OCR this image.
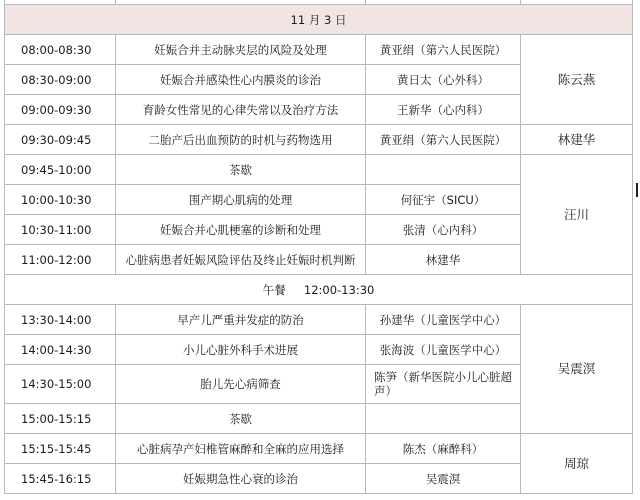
11 月 3 日			
08:00-08:30	妊娠合并主动脉夹层的风险及处理	黄亚绢（第六人民医院）	陈云燕
08:30-09:00	妊娠合并感染性心内膜炎的诊治	黄日太（心外科）	
09:00-09:30	育龄女性常见的心律失常以及治疗方法	王新华（心内科）	
09:30-09:45	二胎产后出血预防的时机与药物选用	黄亚绢（第六人民医院）	林建华
09:45-10:00	茶歇		汪川
10:00-10:30	围产期心肌病的处理	何征宇（SICU）	
10:30-11:00	妊娠合并心肌梗塞的诊断和处理	张清（心内科）	
11:00-12:00	心脏病患者妊娠风险评估及终止妊娠时机判断	林建华	
午餐 12:00-13:30			
13:30-14:00	早产儿严重并发症的防治	孙建华（儿童医学中心）	吴震溟
14:00-14:30	小儿心脏外科手术进展	张海波（儿童医学中心）	
14:30-15:00	胎儿先心病筛查	陈笋（新华医院小儿心脏超声）	
15:00-15:15	茶歇		
15:15-15:45	心脏病孕产妇椎管麻醉和全麻的应用选择	陈杰（麻醉科）	周琼
15:45-16:15	妊娠期急性心衰的诊治	吴震溟	
